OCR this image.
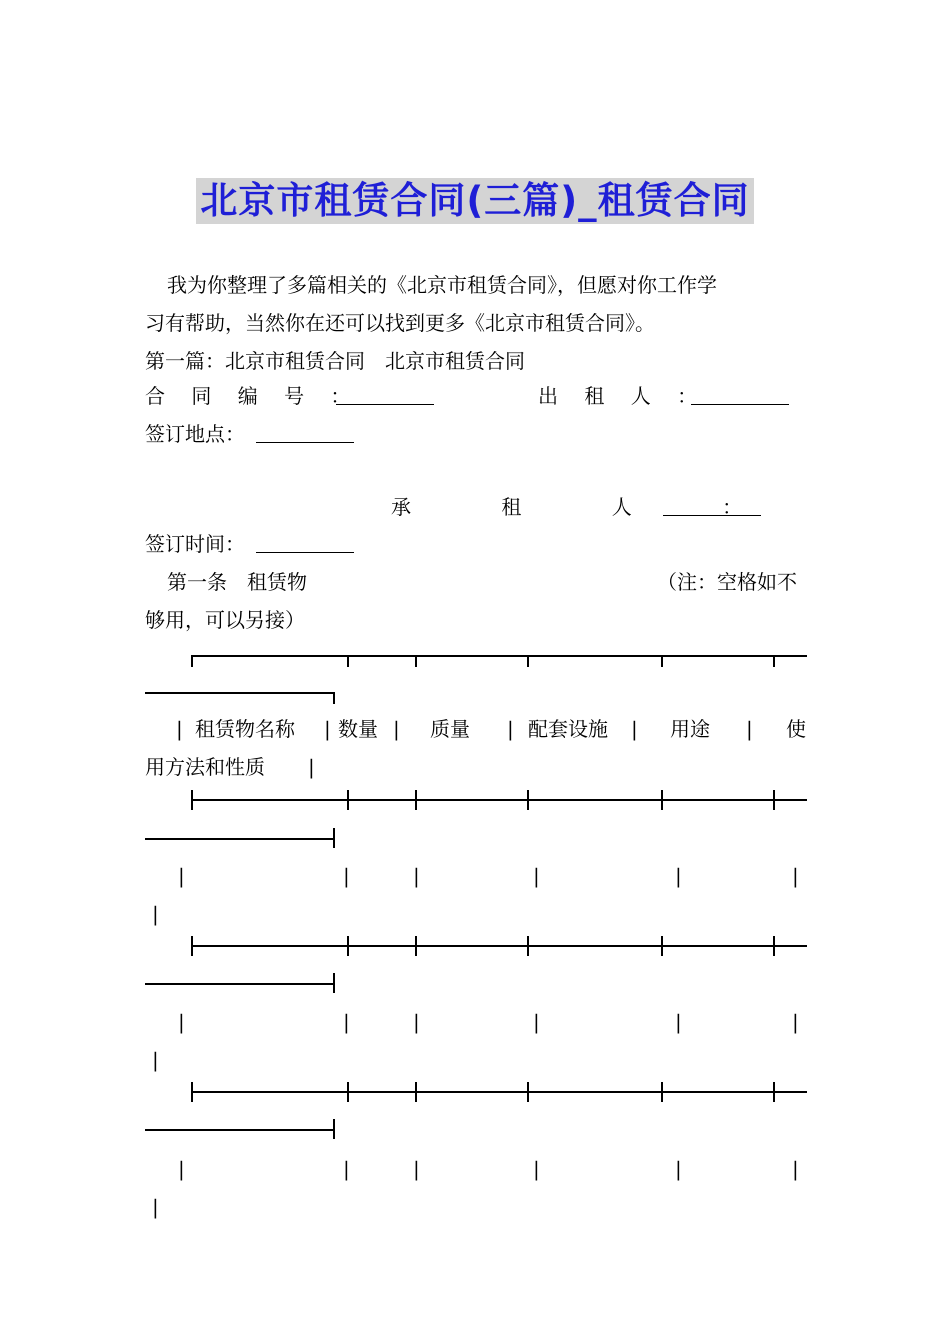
北京市租赁合同(三篇)_租赁合同
我为你整理了多篇相关的《北京市租赁合同》，但愿对你工作学
习有帮助，当然你在还可以找到更多《北京市租赁合同》。
第一篇：北京市租赁合同　北京市租赁合同
合 同 编 号 ：	出 租 人 ：
签订地点：
承 租 人 ：
签订时间：
第一条　租赁物	（注：空格如不
够用，可以另接）
| 租赁物名称 | 数量 | 质量 | 配套设施 | 用途 | 使
用方法和性质 |
|	|	|	|	|	|
|
|	|	|	|	|	|
|
|	|	|	|	|	|
|
